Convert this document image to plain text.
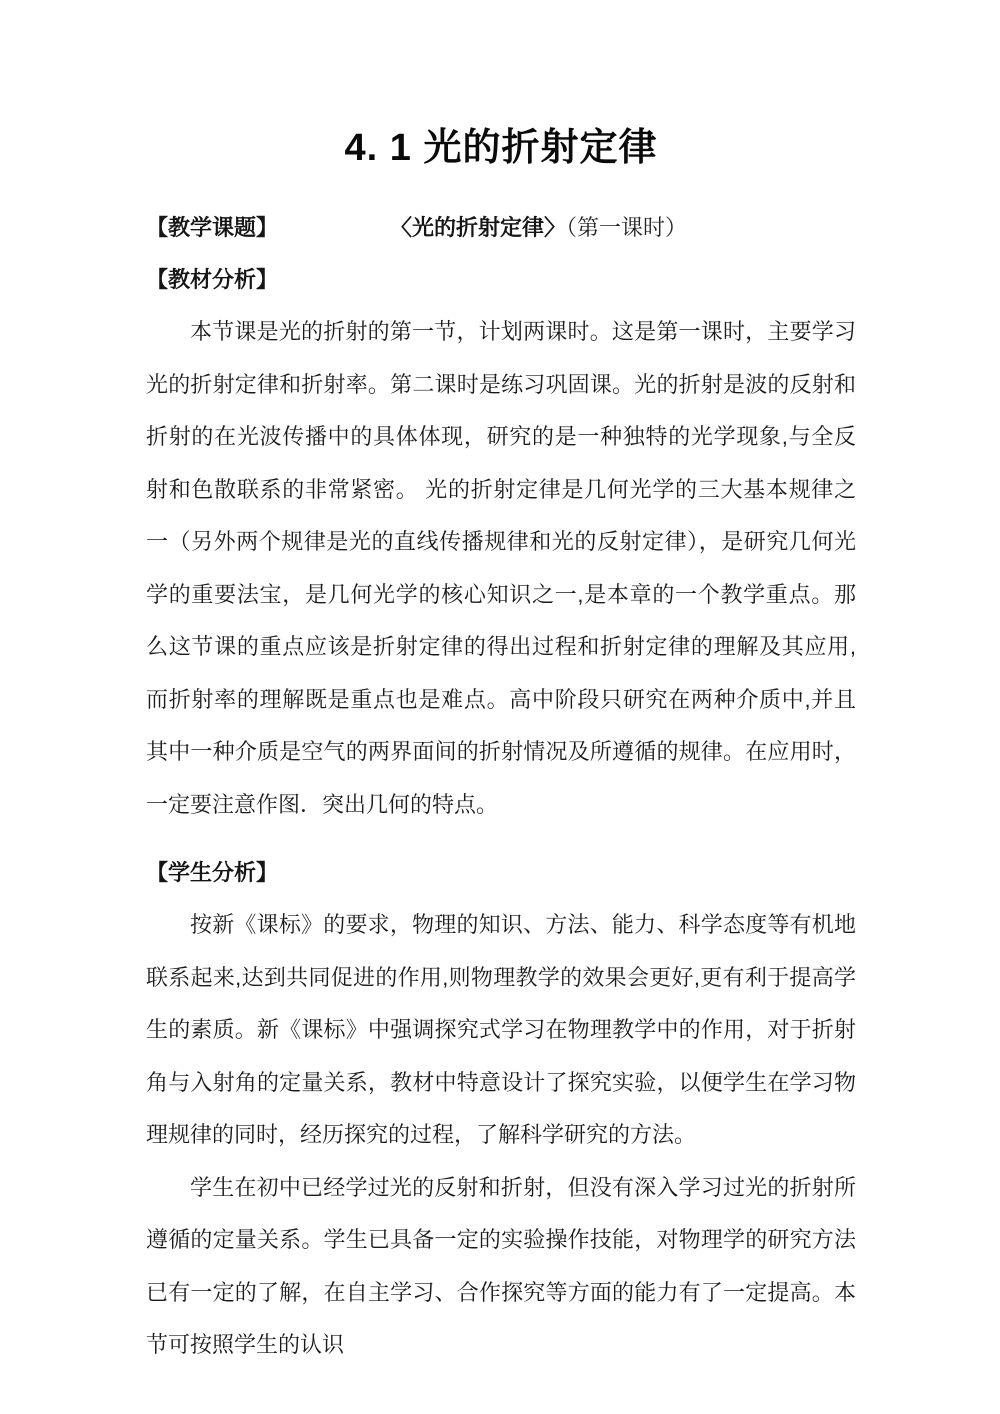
4. 1 光的折射定律
【教学课题】	〈光的折射定律〉（第一课时）
【教材分析】

本节课是光的折射的第一节，计划两课时。这是第一课时，主要学习光的折射定律和折射率。第二课时是练习巩固课。光的折射是波的反射和折射的在光波传播中的具体体现，研究的是一种独特的光学现象,与全反射和色散联系的非常紧密。 光的折射定律是几何光学的三大基本规律之一（另外两个规律是光的直线传播规律和光的反射定律），是研究几何光学的重要法宝，是几何光学的核心知识之一,是本章的一个教学重点。那么这节课的重点应该是折射定律的得出过程和折射定律的理解及其应用,而折射率的理解既是重点也是难点。高中阶段只研究在两种介质中,并且其中一种介质是空气的两界面间的折射情况及所遵循的规律。在应用时，一定要注意作图．突出几何的特点。

【学生分析】

按新《课标》的要求，物理的知识、方法、能力、科学态度等有机地联系起来,达到共同促进的作用,则物理教学的效果会更好,更有利于提高学生的素质。新《课标》中强调探究式学习在物理教学中的作用，对于折射角与入射角的定量关系，教材中特意设计了探究实验，以便学生在学习物理规律的同时，经历探究的过程，了解科学研究的方法。

学生在初中已经学过光的反射和折射，但没有深入学习过光的折射所遵循的定量关系。学生已具备一定的实验操作技能，对物理学的研究方法已有一定的了解，在自主学习、合作探究等方面的能力有了一定提高。本节可按照学生的认识
